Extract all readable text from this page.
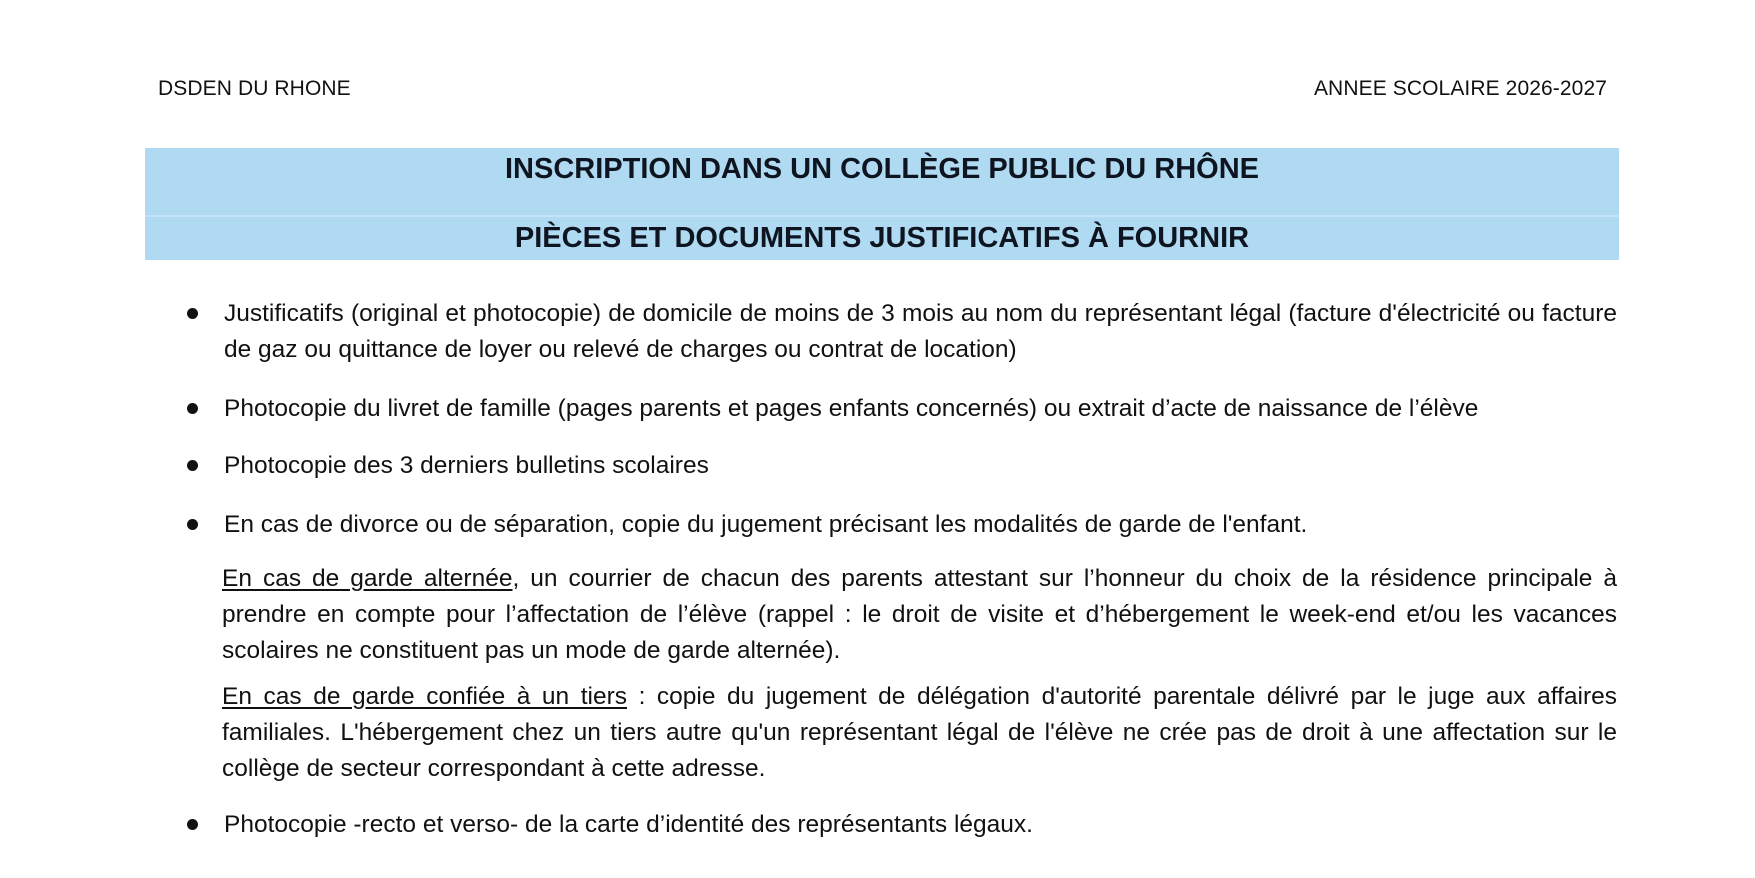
DSDEN DU RHONE	ANNEE SCOLAIRE 2026-2027
INSCRIPTION DANS UN COLLÈGE PUBLIC DU RHÔNE
PIÈCES ET DOCUMENTS JUSTIFICATIFS À FOURNIR
Justificatifs (original et photocopie) de domicile de moins de 3 mois au nom du représentant légal (facture d'électricité ou facture de gaz ou quittance de loyer ou relevé de charges ou contrat de location)
Photocopie du livret de famille (pages parents et pages enfants concernés) ou extrait d’acte de naissance de l’élève
Photocopie des 3 derniers bulletins scolaires
En cas de divorce ou de séparation, copie du jugement précisant les modalités de garde de l'enfant.
En cas de garde alternée, un courrier de chacun des parents attestant sur l’honneur du choix de la résidence principale à prendre en compte pour l’affectation de l’élève (rappel : le droit de visite et d’hébergement le week-end et/ou les vacances scolaires ne constituent pas un mode de garde alternée).
En cas de garde confiée à un tiers : copie du jugement de délégation d'autorité parentale délivré par le juge aux affaires familiales. L'hébergement chez un tiers autre qu'un représentant légal de l'élève ne crée pas de droit à une affectation sur le collège de secteur correspondant à cette adresse.
Photocopie -recto et verso- de la carte d’identité des représentants légaux.
